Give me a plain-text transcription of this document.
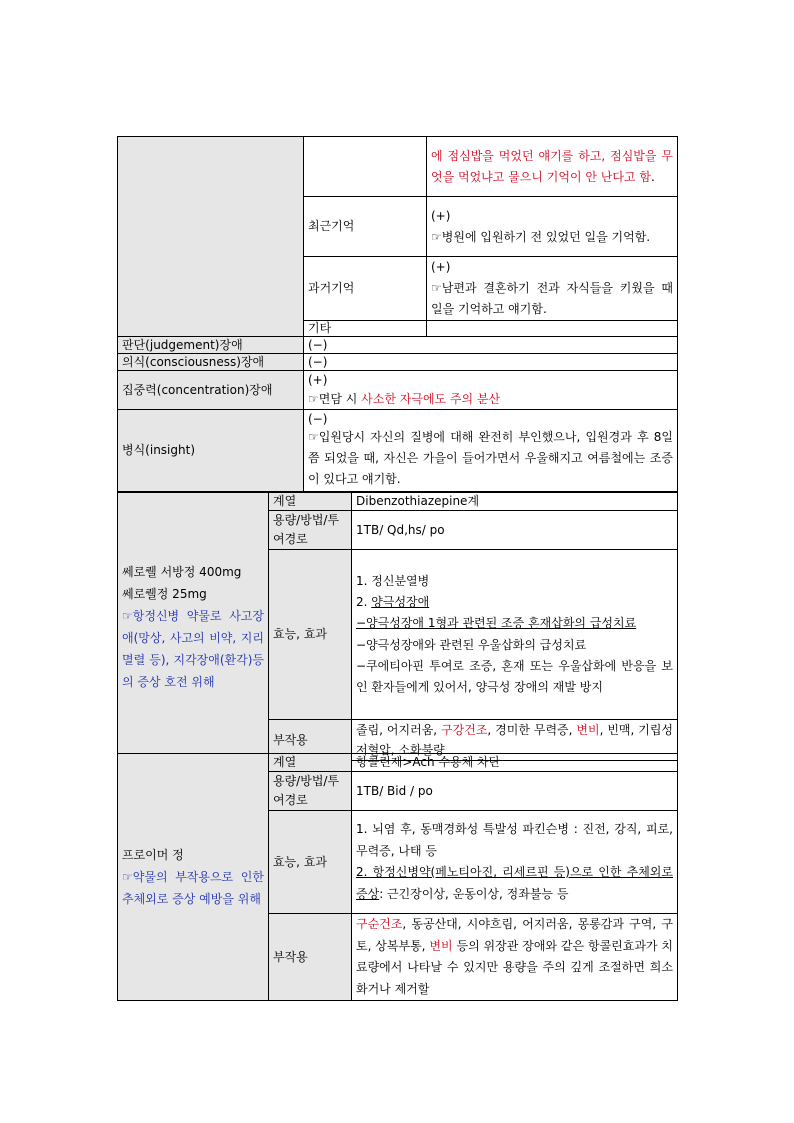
		에 점심밥을 먹었던 얘기를 하고, 점심밥을 무엇을 먹었냐고 물으니 기억이 안 난다고 함.
	최근기억	(+)
☞병원에 입원하기 전 있었던 일을 기억함.

	과거기억	(+)
☞남편과 결혼하기 전과 자식들을 키웠을 때 일을 기억하고 얘기함.

	기타	
판단(judgement)장애	(−)	
의식(consciousness)장애	(−)	
집중력(concentration)장애	(+)
☞면담 시 사소한 자극에도 주의 분산	

병식(insight)	(−)
☞입원당시 자신의 질병에 대해 완전히 부인했으나, 입원경과 후 8일 쯤 되었을 때, 자신은 가을이 들어가면서 우울해지고 여름철에는 조증이 있다고 얘기함.	
쎄로퀠 서방정 400mg
쎄로퀠정 25mg
☞항정신병 약물로 사고장애(망상, 사고의 비약, 지리멸렬 등), 지각장애(환각)등의 증상 호전 위해	계열	Dibenzothiazepine계
	용량/방법/투여경로	1TB/ Qd,hs/ po
	효능, 효과	1. 정신분열병
2. 양극성장애
−양극성장애 1형과 관련된 조증 혼재삽화의 급성치료
−양극성장애와 관련된 우울삽화의 급성치료
−쿠에티아핀 투여로 조증, 혼재 또는 우울삽화에 반응을 보인 환자들에게 있어서, 양극성 장애의 재발 방지

	부작용	졸림, 어지러움, 구강건조, 경미한 무력증, 변비, 빈맥, 기립성 저혈압, 소화불량
프로이머 정
☞약물의 부작용으로 인한 추체외로 증상 예방을 위해	계열	항콜린제>Ach 수용체 차단
	용량/방법/투여경로	1TB/ Bid / po
	효능, 효과	1. 뇌염 후, 동맥경화성 특발성 파킨슨병 : 진전, 강직, 피로, 무력증, 나태 등
2. 항정신병약(페노티아진, 리세르핀 등)으로 인한 추체외로 증상: 근긴장이상, 운동이상, 정좌불능 등

	부작용	구순건조, 동공산대, 시야흐림, 어지러움, 몽롱감과 구역, 구토, 상복부통, 변비 등의 위장관 장애와 같은 항콜린효과가 치료량에서 나타날 수 있지만 용량을 주의 깊게 조절하면 희소화거나 제거할
